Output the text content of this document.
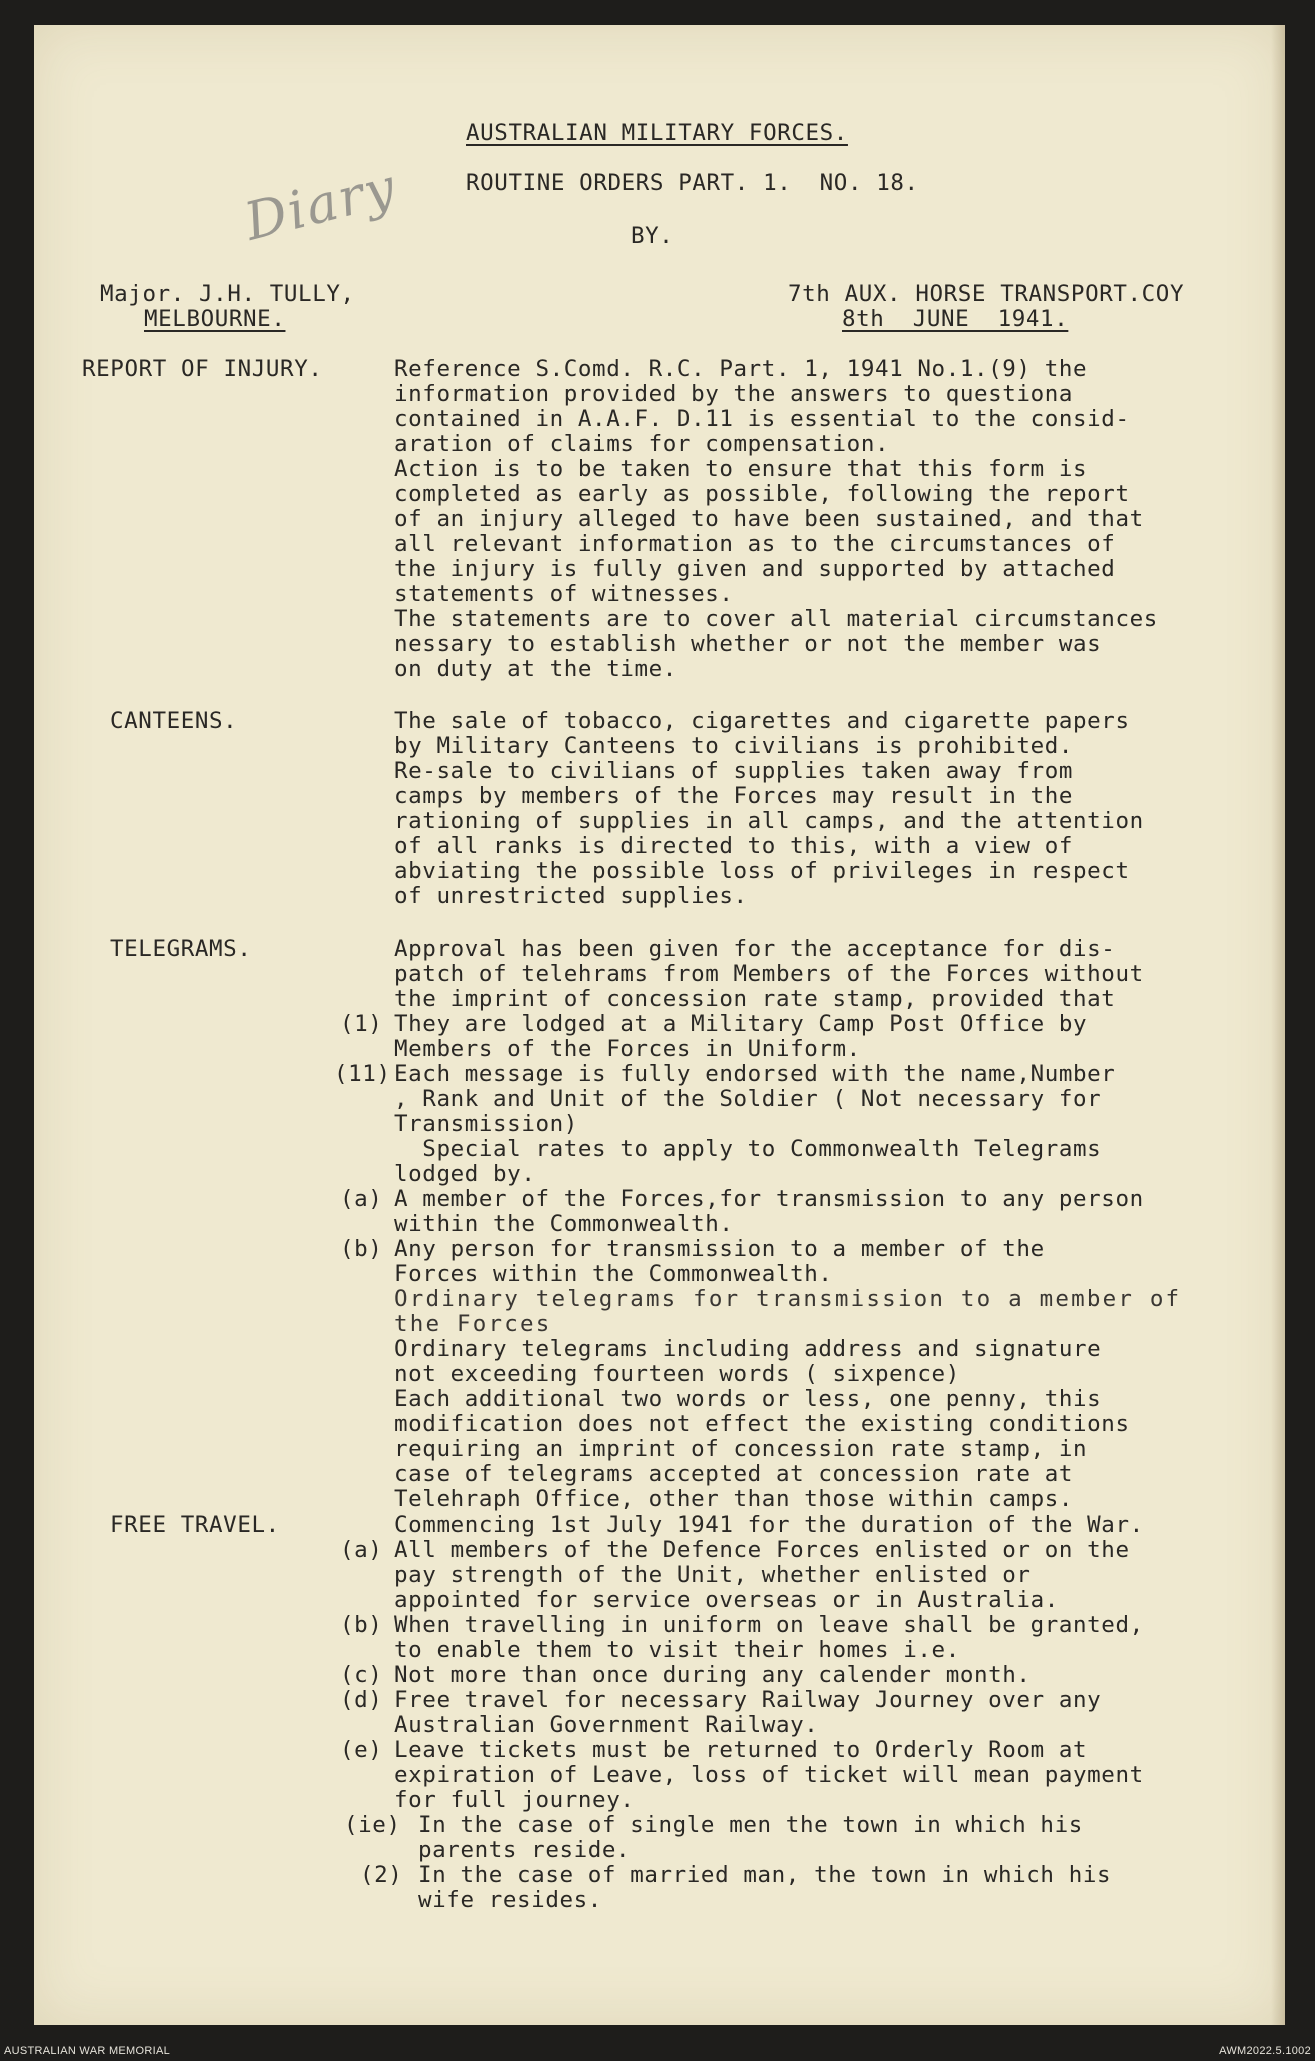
Diary
AUSTRALIAN MILITARY FORCES.
ROUTINE ORDERS PART. 1.  NO. 18.
BY.
Major. J.H. TULLY,
MELBOURNE.
7th AUX. HORSE TRANSPORT.COY
8th  JUNE  1941.
REPORT OF INJURY.	Reference S.Comd. R.C. Part. 1, 1941 No.1.(9) the
information provided by the answers to questiona
contained in A.A.F. D.11 is essential to the consid-
aration of claims for compensation.
Action is to be taken to ensure that this form is
completed as early as possible, following the report
of an injury alleged to have been sustained, and that
all relevant information as to the circumstances of
the injury is fully given and supported by attached
statements of witnesses.
The statements are to cover all material circumstances
nessary to establish whether or not the member was
on duty at the time.
CANTEENS.	The sale of tobacco, cigarettes and cigarette papers
by Military Canteens to civilians is prohibited.
Re-sale to civilians of supplies taken away from
camps by members of the Forces may result in the
rationing of supplies in all camps, and the attention
of all ranks is directed to this, with a view of
abviating the possible loss of privileges in respect
of unrestricted supplies.
TELEGRAMS.	Approval has been given for the acceptance for dis-
patch of telehrams from Members of the Forces without
the imprint of concession rate stamp, provided that
(1) They are lodged at a Military Camp Post Office by
Members of the Forces in Uniform.
(11) Each message is fully endorsed with the name,Number
, Rank and Unit of the Soldier ( Not necessary for
Transmission)
Special rates to apply to Commonwealth Telegrams
lodged by.
(a) A member of the Forces,for transmission to any person
within the Commonwealth.
(b) Any person for transmission to a member of the
Forces within the Commonwealth.
Ordinary telegrams for transmission to a member of
the Forces
Ordinary telegrams including address and signature
not exceeding fourteen words ( sixpence)
Each additional two words or less, one penny, this
modification does not effect the existing conditions
requiring an imprint of concession rate stamp, in
case of telegrams accepted at concession rate at
Telehraph Office, other than those within camps.
FREE TRAVEL.	Commencing 1st July 1941 for the duration of the War.
(a) All members of the Defence Forces enlisted or on the
pay strength of the Unit, whether enlisted or
appointed for service overseas or in Australia.
(b) When travelling in uniform on leave shall be granted,
to enable them to visit their homes i.e.
(c) Not more than once during any calender month.
(d) Free travel for necessary Railway Journey over any
Australian Government Railway.
(e) Leave tickets must be returned to Orderly Room at
expiration of Leave, loss of ticket will mean payment
for full journey.
(ie) In the case of single men the town in which his
parents reside.
(2) In the case of married man, the town in which his
wife resides.
AUSTRALIAN WAR MEMORIAL	AWM2022.5.1002
